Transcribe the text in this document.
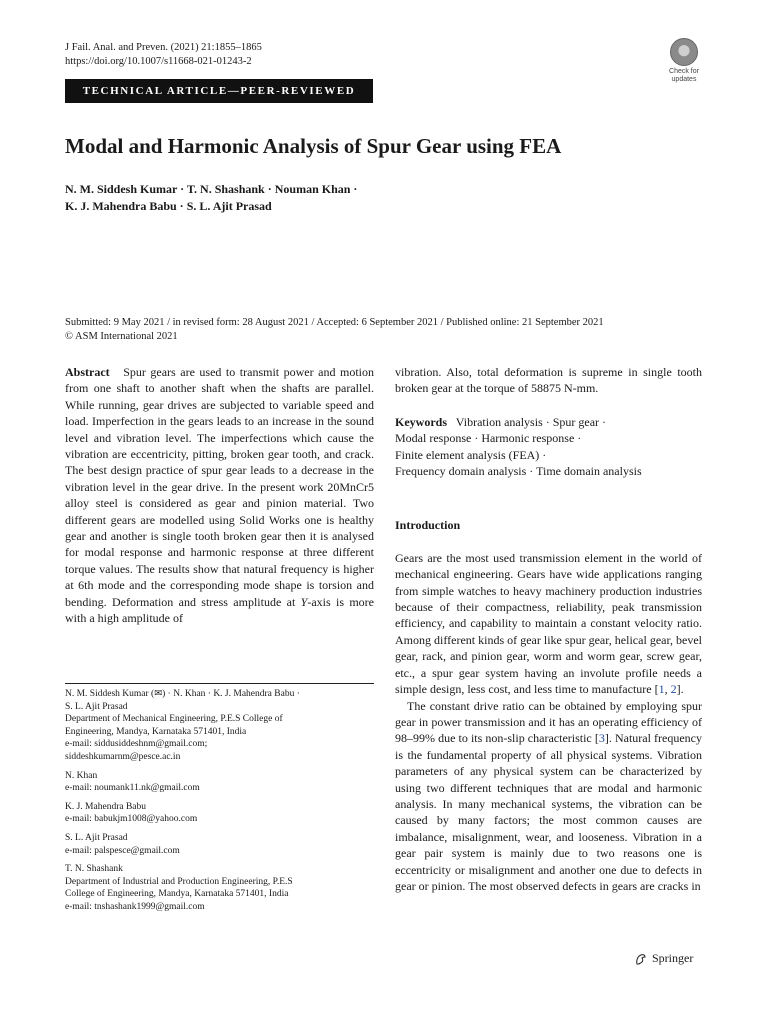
J Fail. Anal. and Preven. (2021) 21:1855–1865
https://doi.org/10.1007/s11668-021-01243-2
TECHNICAL ARTICLE—PEER-REVIEWED
Check for
updates
Modal and Harmonic Analysis of Spur Gear using FEA
N. M. Siddesh Kumar · T. N. Shashank · Nouman Khan ·
K. J. Mahendra Babu · S. L. Ajit Prasad
Submitted: 9 May 2021 / in revised form: 28 August 2021 / Accepted: 6 September 2021 / Published online: 21 September 2021
© ASM International 2021

Abstract Spur gears are used to transmit power and motion from one shaft to another shaft when the shafts are parallel. While running, gear drives are subjected to variable speed and load. Imperfection in the gears leads to an increase in the sound level and vibration level. The imperfections which cause the vibration are eccentricity, pitting, broken gear tooth, and crack. The best design practice of spur gear leads to a decrease in the vibration level in the gear drive. In the present work 20MnCr5 alloy steel is considered as gear and pinion material. Two different gears are modelled using Solid Works one is healthy gear and another is single tooth broken gear then it is analysed for modal response and harmonic response at three different torque values. The results show that natural frequency is higher at 6th mode and the corresponding mode shape is torsion and bending. Deformation and stress amplitude at Y-axis is more with a high amplitude of

N. M. Siddesh Kumar (✉) · N. Khan · K. J. Mahendra Babu ·
S. L. Ajit Prasad
Department of Mechanical Engineering, P.E.S College of
Engineering, Mandya, Karnataka 571401, India
e-mail: siddusiddeshnm@gmail.com;
siddeshkumarnm@pesce.ac.in
N. Khan
e-mail: noumank11.nk@gmail.com
K. J. Mahendra Babu
e-mail: babukjm1008@yahoo.com
S. L. Ajit Prasad
e-mail: palspesce@gmail.com
T. N. Shashank
Department of Industrial and Production Engineering, P.E.S
College of Engineering, Mandya, Karnataka 571401, India
e-mail: tnshashank1999@gmail.com

vibration. Also, total deformation is supreme in single tooth broken gear at the torque of 58875 N-mm.

Keywords Vibration analysis · Spur gear ·
Modal response · Harmonic response ·
Finite element analysis (FEA) ·
Frequency domain analysis · Time domain analysis

Introduction

Gears are the most used transmission element in the world of mechanical engineering. Gears have wide applications ranging from simple watches to heavy machinery production industries because of their compactness, reliability, peak transmission efficiency, and capability to maintain a constant velocity ratio. Among different kinds of gear like spur gear, helical gear, bevel gear, rack, and pinion gear, worm and worm gear, screw gear, etc., a spur gear system having an involute profile needs a simple design, less cost, and less time to manufacture [1, 2].

The constant drive ratio can be obtained by employing spur gear in power transmission and it has an operating efficiency of 98–99% due to its non-slip characteristic [3]. Natural frequency is the fundamental property of all physical systems. Vibration parameters of any physical system can be characterized by using two different techniques that are modal and harmonic analysis. In many mechanical systems, the vibration can be caused by many factors; the most common causes are imbalance, misalignment, wear, and looseness. Vibration in a gear pair system is mainly due to two reasons one is eccentricity or misalignment and another one due to defects in gear or pinion. The most observed defects in gears are cracks in

Springer
